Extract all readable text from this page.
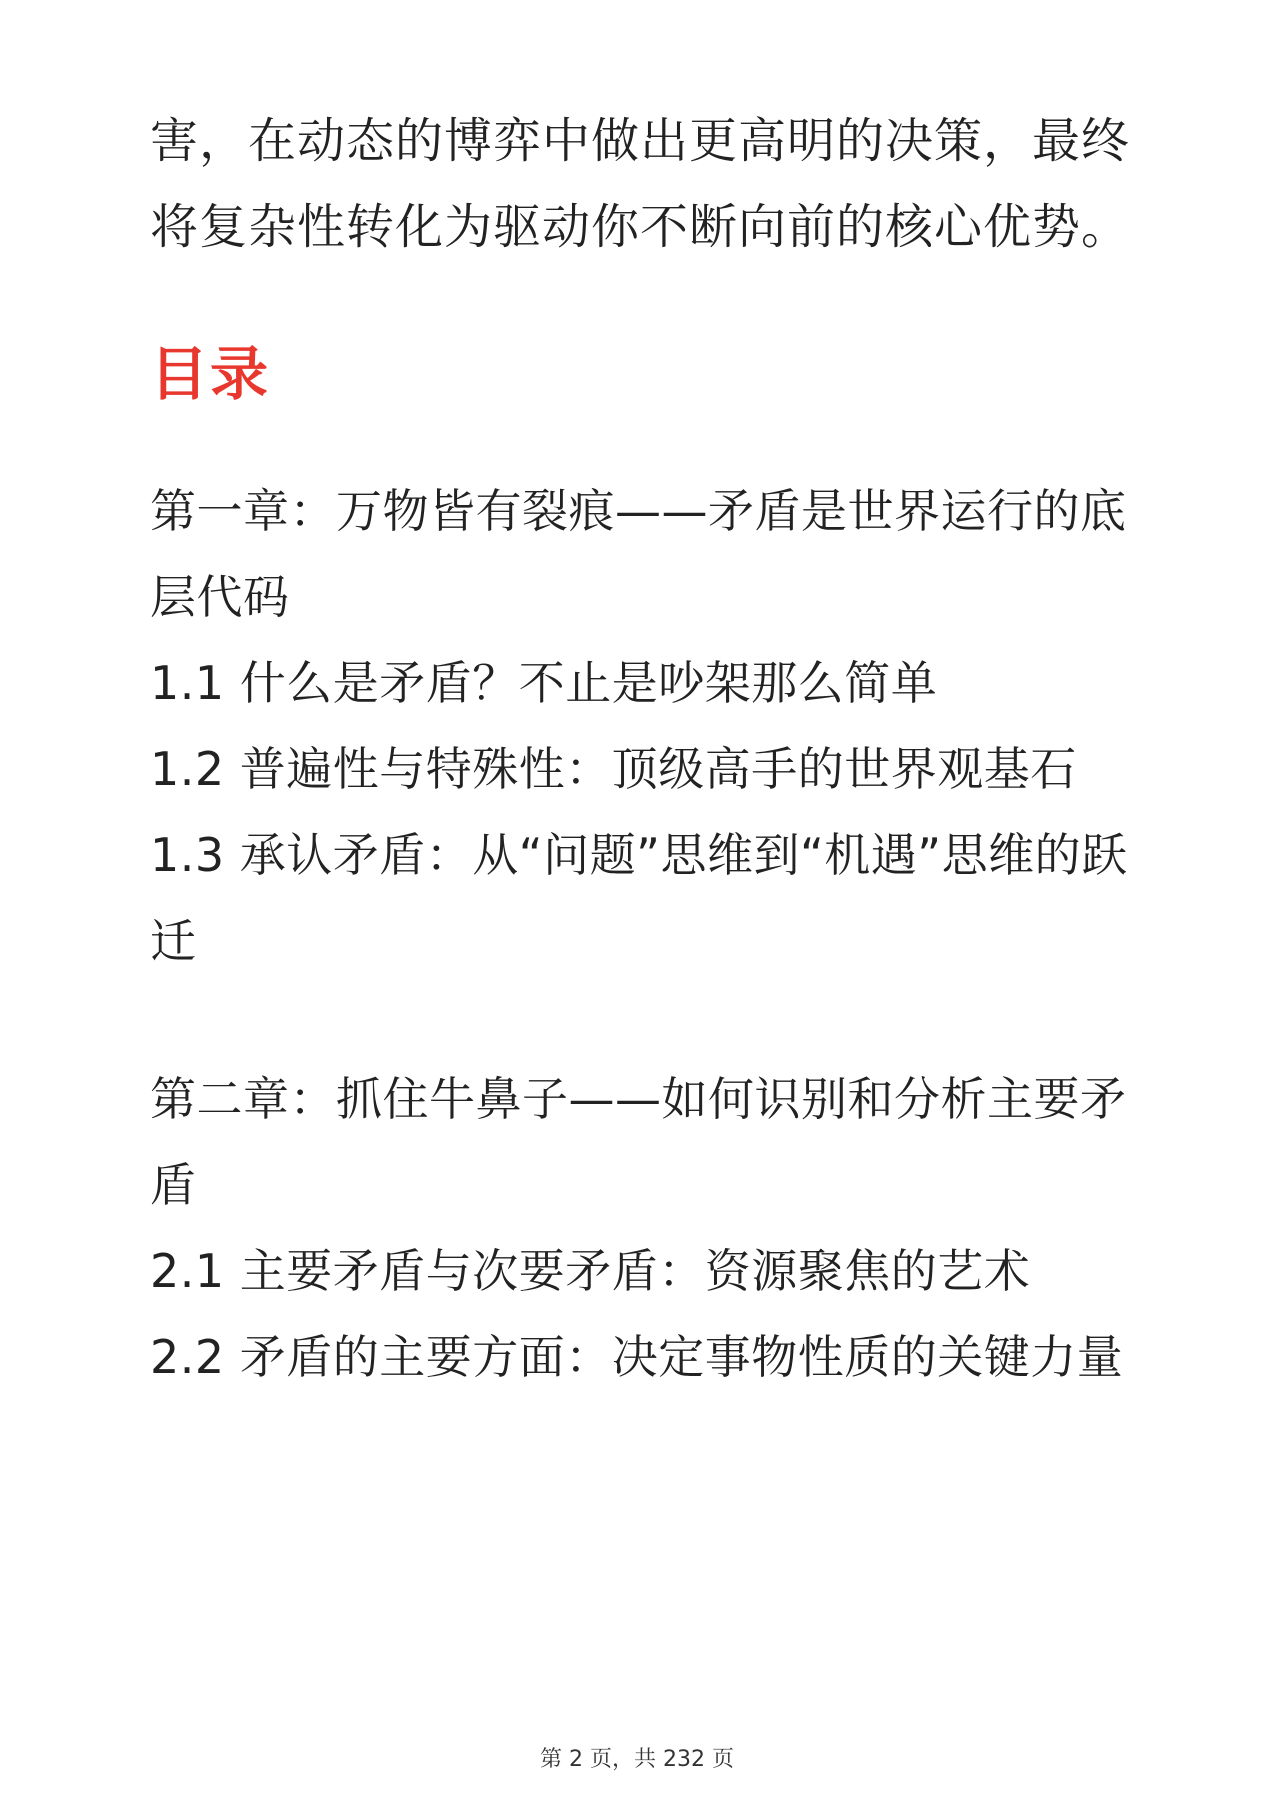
害，在动态的博弈中做出更高明的决策，最终将复杂性转化为驱动你不断向前的核心优势。

目录
第一章：万物皆有裂痕——矛盾是世界运行的底层代码
1.1 什么是矛盾？不止是吵架那么简单
1.2 普遍性与特殊性：顶级高手的世界观基石
1.3 承认矛盾：从“问题”思维到“机遇”思维的跃迁
第二章：抓住牛鼻子——如何识别和分析主要矛盾
2.1 主要矛盾与次要矛盾：资源聚焦的艺术
2.2 矛盾的主要方面：决定事物性质的关键力量
第 2 页，共 232 页
